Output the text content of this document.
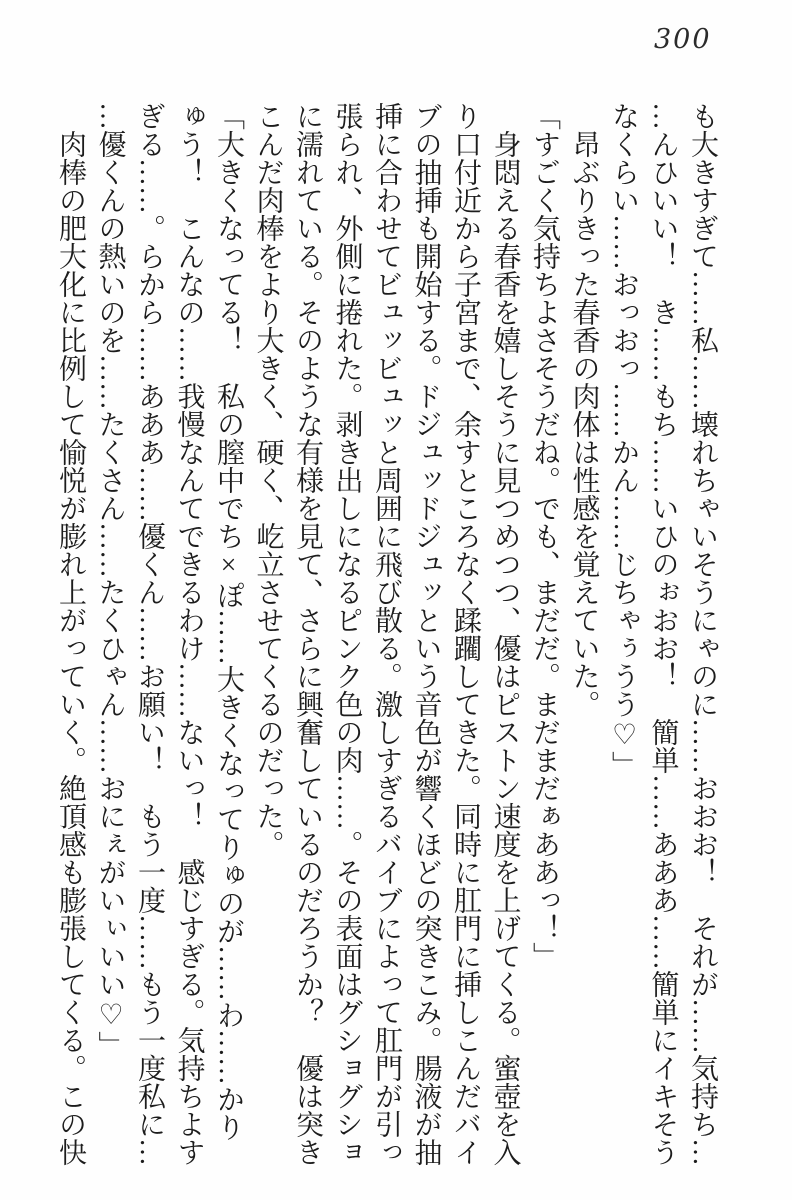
300

も大きすぎて……私……壊れちゃいそうにゃのに……おおお！　それが……気持ち……んひいい！　き……もち……いひのぉおお！　簡単……あああ……簡単にイキそうなくらい……おっおっ……かん……じちゃぅうう♡」

昂ぶりきった春香の肉体は性感を覚えていた。

「すごく気持ちよさそうだね。でも、まだだ。まだまだぁああっ！」

身悶える春香を嬉しそうに見つめつつ、優はピストン速度を上げてくる。蜜壺を入り口付近から子宮まで、余すところなく蹂躙してきた。同時に肛門に挿しこんだバイブの抽挿も開始する。ドジュッドジュッという音色が響くほどの突きこみ。腸液が抽挿に合わせてビュッビュッと周囲に飛び散る。激しすぎるバイブによって肛門が引っ張られ、外側に捲れた。剥き出しになるピンク色の肉……。その表面はグショグショに濡れている。そのような有様を見て、さらに興奮しているのだろうか？　優は突きこんだ肉棒をより大きく、硬く、屹立させてくるのだった。

「大きくなってる！　私の膣中でち×ぽ……大きくなってりゅのが……わ……かりゅう！　こんなの……我慢なんてできるわけ……ないっ！　感じすぎる。気持ちよすぎる……。らから……あああ……優くん……お願い！　もう一度……もう一度私に……優くんの熱いのを……たくさん……たくひゃん……おにぇがいぃいい♡」

肉棒の肥大化に比例して愉悦が膨れ上がっていく。絶頂感も膨張してくる。この快
